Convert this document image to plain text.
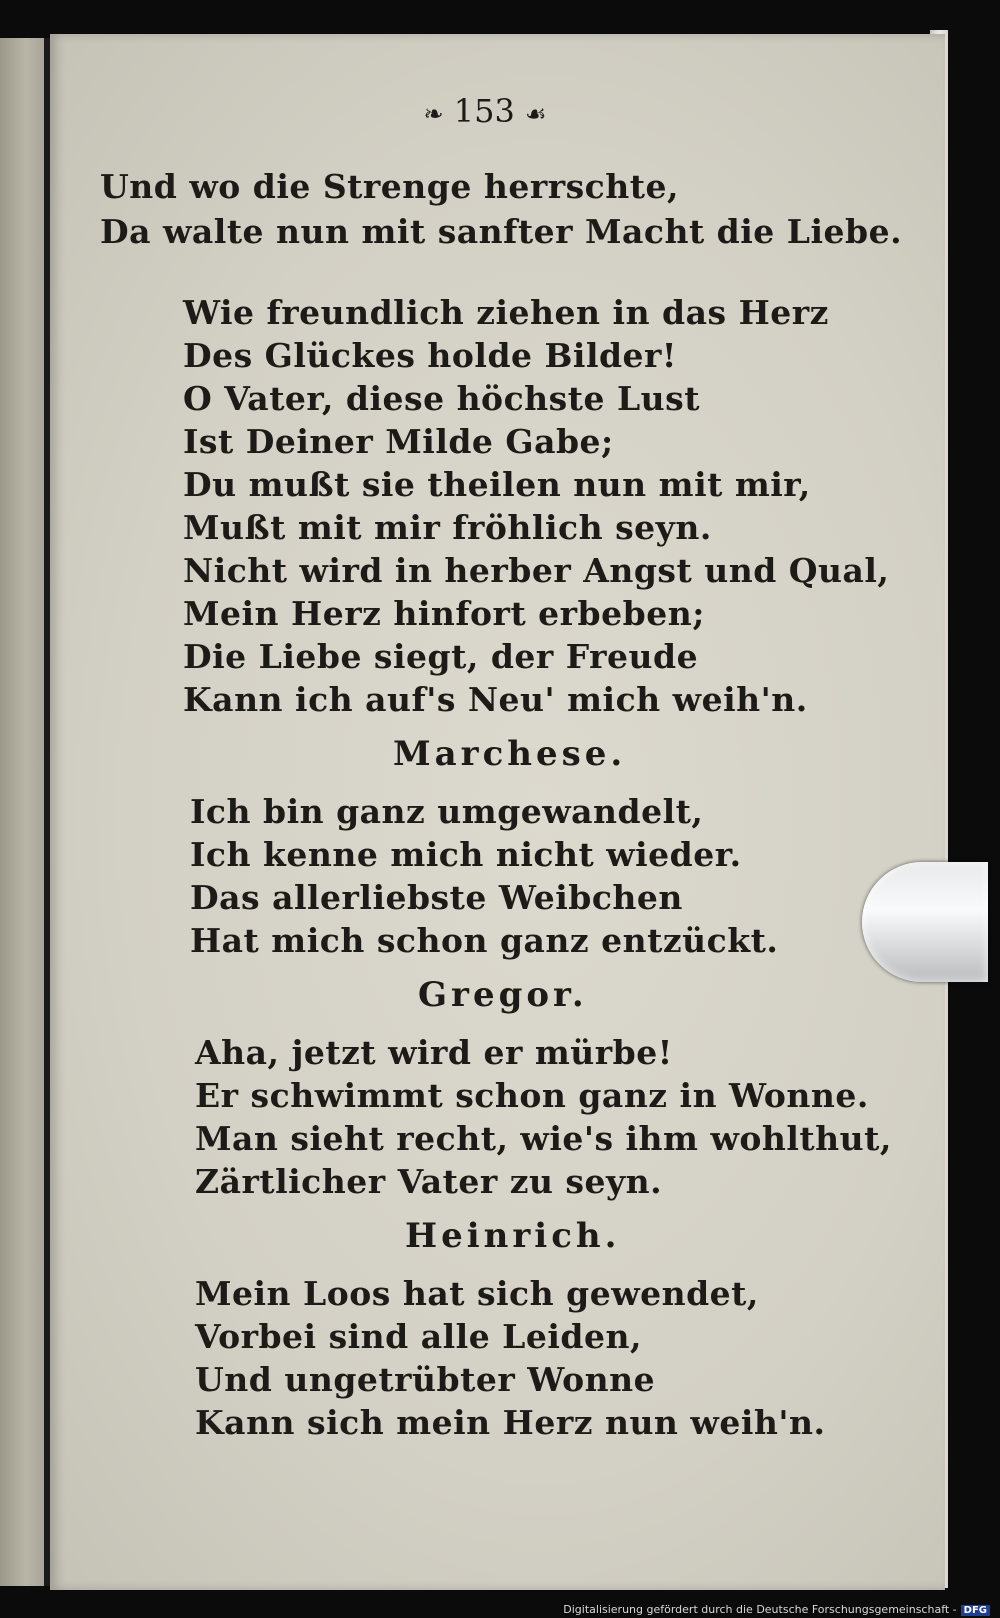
❧ 153 ☙
Und wo die Strenge herrschte,
Da walte nun mit sanfter Macht die Liebe.
Wie freundlich ziehen in das Herz
Des Glückes holde Bilder!
O Vater, diese höchste Lust
Ist Deiner Milde Gabe;
Du mußt sie theilen nun mit mir,
Mußt mit mir fröhlich seyn.
Nicht wird in herber Angst und Qual,
Mein Herz hinfort erbeben;
Die Liebe siegt, der Freude
Kann ich auf's Neu' mich weih'n.
Marchese.
Ich bin ganz umgewandelt,
Ich kenne mich nicht wieder.
Das allerliebste Weibchen
Hat mich schon ganz entzückt.
Gregor.
Aha, jetzt wird er mürbe!
Er schwimmt schon ganz in Wonne.
Man sieht recht, wie's ihm wohlthut,
Zärtlicher Vater zu seyn.
Heinrich.
Mein Loos hat sich gewendet,
Vorbei sind alle Leiden,
Und ungetrübter Wonne
Kann sich mein Herz nun weih'n.
Digitalisierung gefördert durch die Deutsche Forschungsgemeinschaft - DFG
